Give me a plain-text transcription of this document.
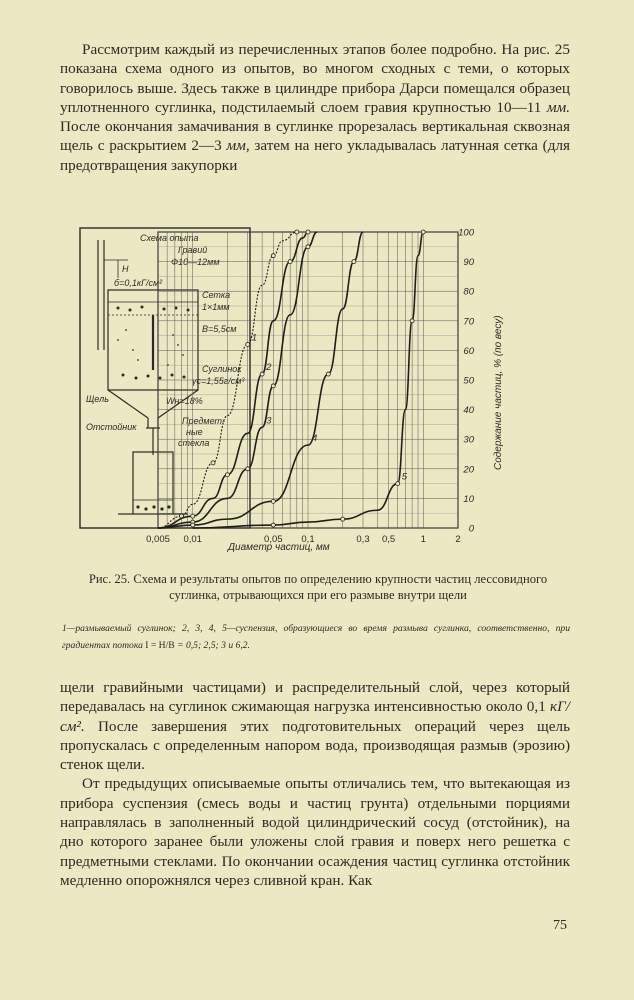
Рассмотрим каждый из перечисленных этапов более подробно. На рис. 25 показана схема одного из опытов, во многом сходных с теми, о которых говорилось выше. Здесь также в цилиндре прибора Дарси помещался образец уплотненного суглинка, подстилаемый слоем гравия крупностью 10—11 мм. После окончания замачивания в суглинке прорезалась вертикальная сквозная щель с раскрытием 2—3 мм, затем на него укладывалась латунная сетка (для предотвращения закупорки
Схема опыта
Гравий
Ф10—12мм
H
б=0,1кГ/см²
Сетка
1×1мм
B=5,5см
Суглинок
γс=1,55г/см³
Wн=18%
Щель
Отстойник
Предмет- ные стекла
0,005 0,01	0,05 0,1	0,3 0,5	1	2
0
10
20
30
40
50
60
70
80
90
100
1
2
3
4
5
Диаметр частиц, мм
Содержание частиц, % (по весу)
Рис. 25. Схема и результаты опытов по определению крупности частиц лессовидного суглинка, отрывающихся при его размыве внутри щели
1—размываемый суглинок; 2, 3, 4, 5—суспензия, образующиеся во время размыва суглинка, соответственно, при градиентах потока I = H/B = 0,5; 2,5; 3 и 6,2.
щели гравийными частицами) и распределительный слой, через который передавалась на суглинок сжимающая нагрузка интенсивностью около 0,1 кГ/см². После завершения этих подготовительных операций через щель пропускалась с определенным напором вода, производящая размыв (эрозию) стенок щели.
От предыдущих описываемые опыты отличались тем, что вытекающая из прибора суспензия (смесь воды и частиц грунта) отдельными порциями направлялась в заполненный водой цилиндрический сосуд (отстойник), на дно которого заранее были уложены слой гравия и поверх него решетка с предметными стеклами. По окончании осаждения частиц суглинка отстойник медленно опорожнялся через сливной кран. Как
75
